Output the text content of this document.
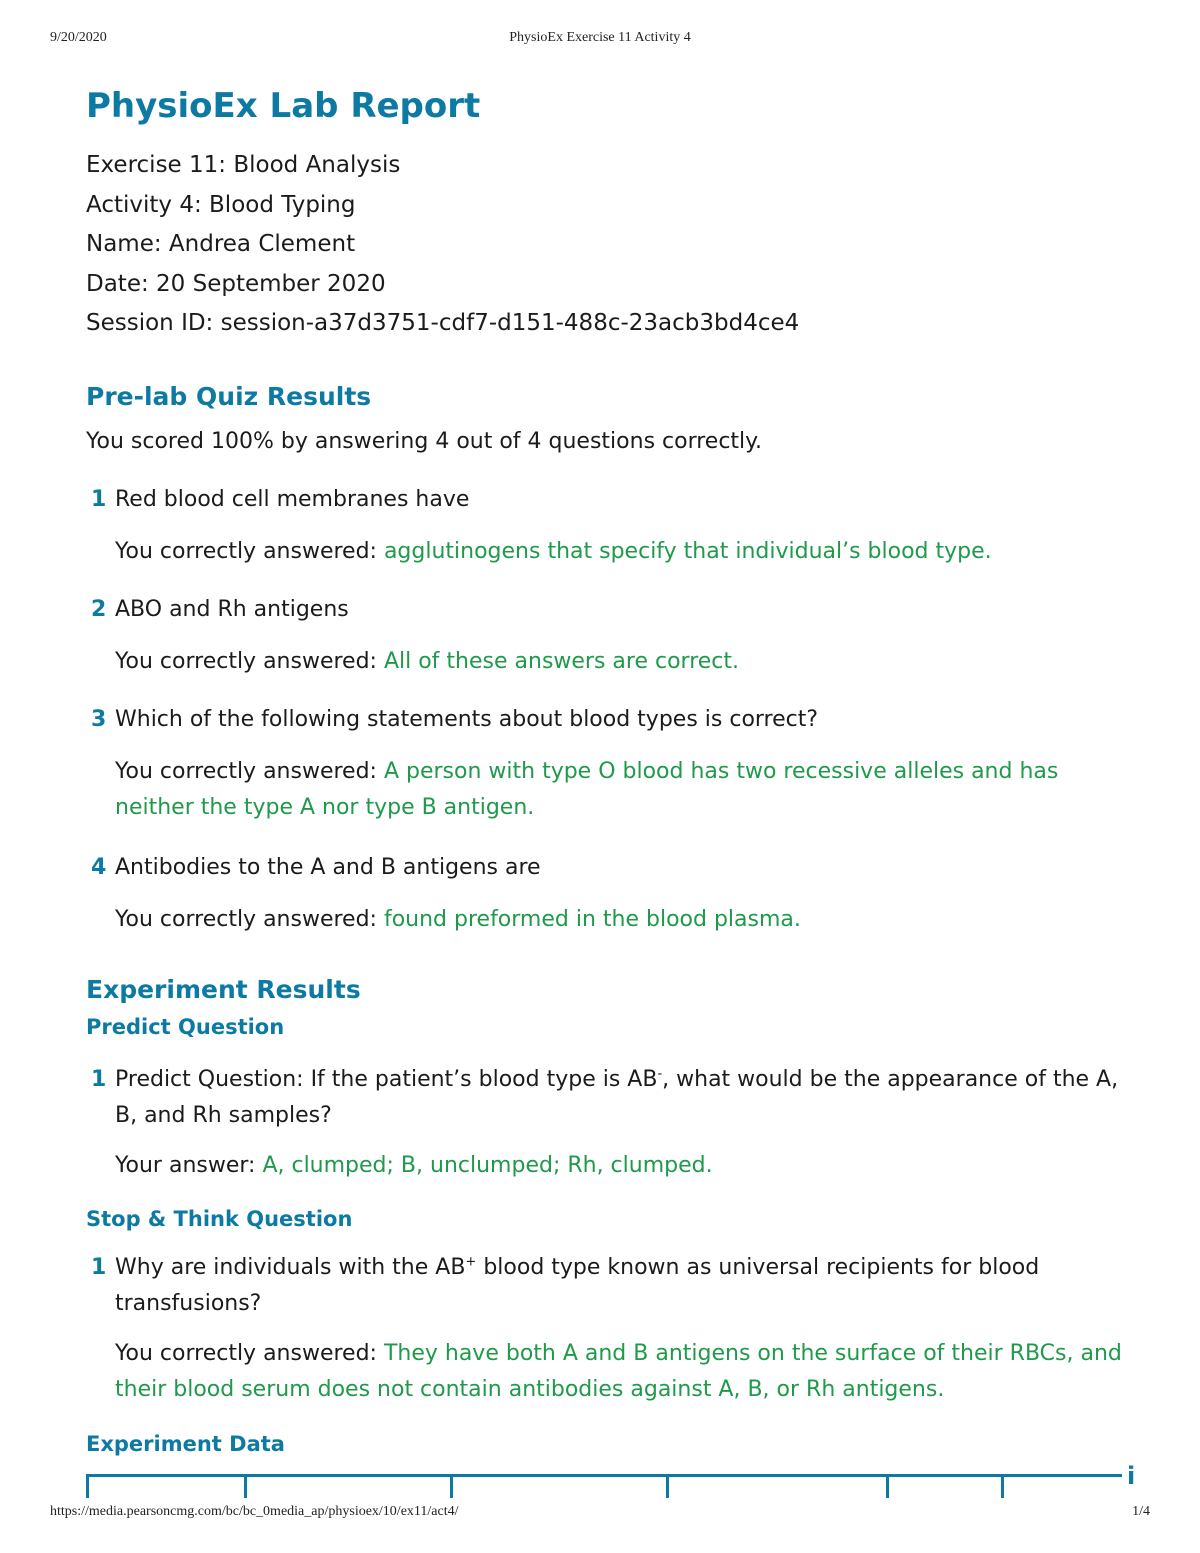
9/20/2020	PhysioEx Exercise 11 Activity 4
PhysioEx Lab Report
Exercise 11: Blood Analysis
Activity 4: Blood Typing
Name: Andrea Clement
Date: 20 September 2020
Session ID: session-a37d3751-cdf7-d151-488c-23acb3bd4ce4
Pre-lab Quiz Results
You scored 100% by answering 4 out of 4 questions correctly.
1 Red blood cell membranes have
You correctly answered: agglutinogens that specify that individual’s blood type.
2 ABO and Rh antigens
You correctly answered: All of these answers are correct.
3 Which of the following statements about blood types is correct?
You correctly answered: A person with type O blood has two recessive alleles and has neither the type A nor type B antigen.
4 Antibodies to the A and B antigens are
You correctly answered: found preformed in the blood plasma.
Experiment Results
Predict Question
1 Predict Question: If the patient’s blood type is AB-, what would be the appearance of the A, B, and Rh samples?
Your answer: A, clumped; B, unclumped; Rh, clumped.
Stop & Think Question
1 Why are individuals with the AB+ blood type known as universal recipients for blood transfusions?
You correctly answered: They have both A and B antigens on the surface of their RBCs, and their blood serum does not contain antibodies against A, B, or Rh antigens.
Experiment Data
i
https://media.pearsoncmg.com/bc/bc_0media_ap/physioex/10/ex11/act4/	1/4
